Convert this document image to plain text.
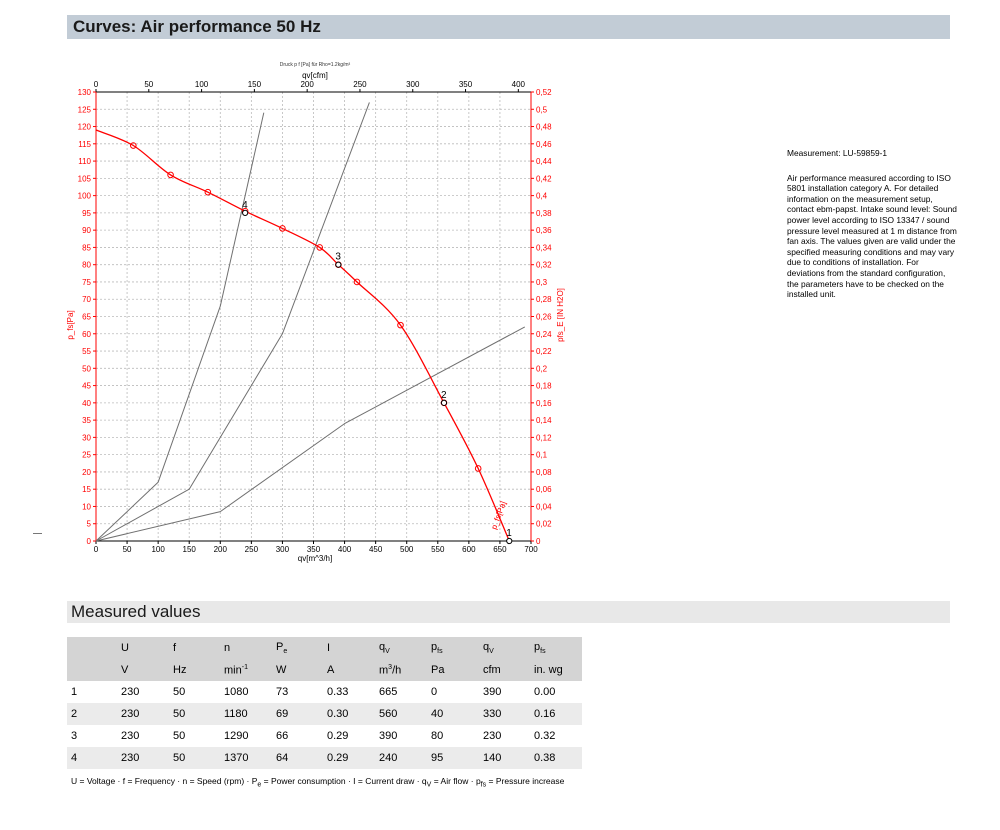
Curves: Air performance 50 Hz
Druck p f [Pa] für Rho=1.2kg/m³
0	50 100 150 200 250 300 350 400 450 500 550 600 650 700
qv[m^3/h]
0	50	100	150	200	250	300	350	400
qv[cfm]
0
5
10
15
20
25
30
35
40
45
50
55
60
65
70
75
80
85
90
95
100
105
110
115
120
125
130
p_fs[Pa]
0
0,02
0,04
0,06
0,08
0,1
0,12
0,14
0,16
0,18
0,2
0,22
0,24
0,26
0,28
0,3
0,32
0,34
0,36
0,38
0,4
0,42
0,44
0,46
0,48
0,5
0,52
pfs_E [IN H2O]
p_fs[Pa]
1
2
3
4
Measurement: LU-59859-1
Air performance measured according to ISO 5801 installation category A. For detailed information on the measurement setup, contact ebm-papst. Intake sound level: Sound power level according to ISO 13347 / sound pressure level measured at 1 m distance from fan axis. The values given are valid under the specified measuring conditions and may vary due to conditions of installation. For deviations from the standard configuration, the parameters have to be checked on the installed unit.
Measured values
	U	f	n	$P_e$	I	$q_V$	$p_{fs}$	$q_V$	$p_{fs}$
	V	Hz	$\min^{-1}$	W	A	$m^3/h$	Pa	cfm	in. wg
1	230	50	1080	73	0.33	665	0	390	0.00
2	230	50	1180	69	0.30	560	40	330	0.16
3	230	50	1290	66	0.29	390	80	230	0.32
4	230	50	1370	64	0.29	240	95	140	0.38
U = Voltage · f = Frequency · n = Speed $(rpm) \cdot P_e$ = Power consumption · I = Current draw · $q_V$ = Air flow · $p_{fs}$ = Pressure increase
